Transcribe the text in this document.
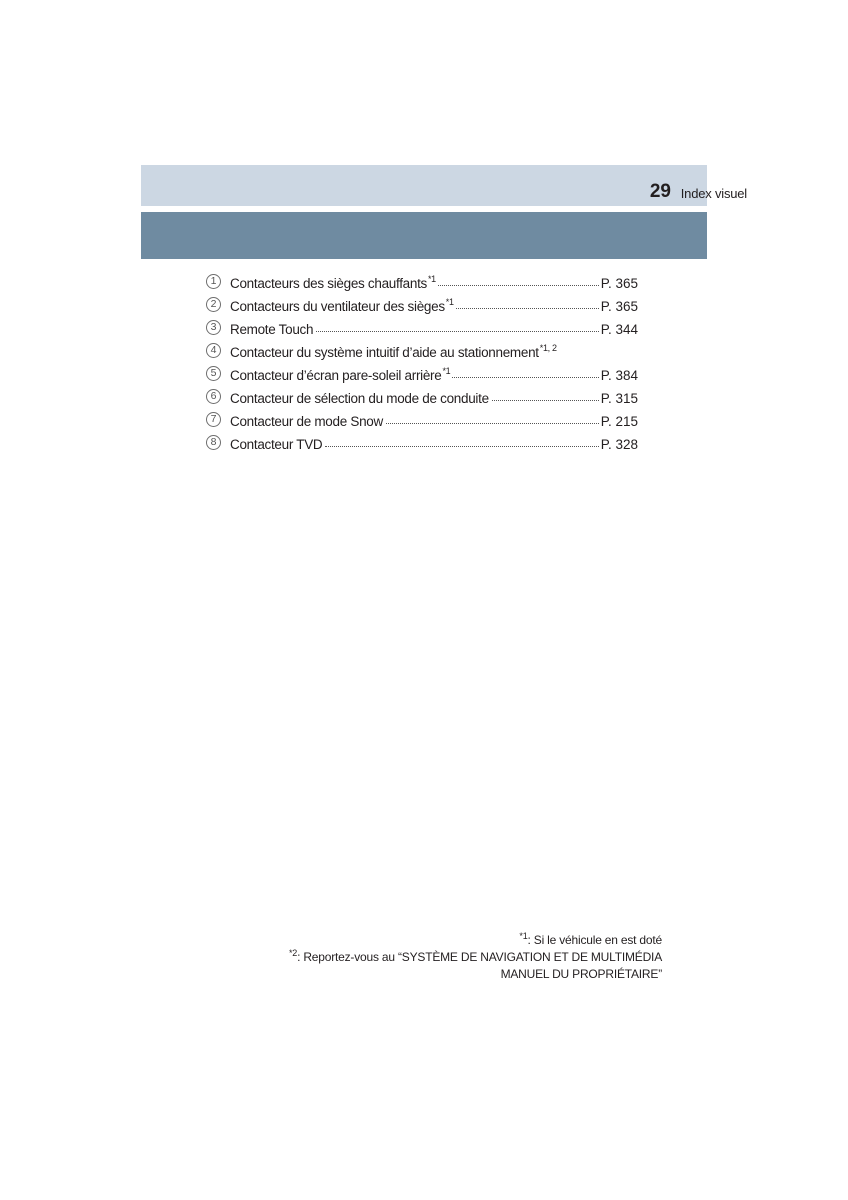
29 Index visuel
1	Contacteurs des sièges chauffants$^{*1}$	P. 365
2	Contacteurs du ventilateur des sièges$^{*1}$	P. 365
3	Remote Touch	P. 344
4	Contacteur du système intuitif d’aide au stationnement$^{*1, 2}$
5	Contacteur d’écran pare-soleil arrière$^{*1}$	P. 384
6	Contacteur de sélection du mode de conduite	P. 315
7	Contacteur de mode Snow	P. 215
8	Contacteur TVD	P. 328
$^{*1}$: Si le véhicule en est doté
$^{*2}$: Reportez-vous au “SYSTÈME DE NAVIGATION ET DE MULTIMÉDIA
MANUEL DU PROPRIÉTAIRE”
